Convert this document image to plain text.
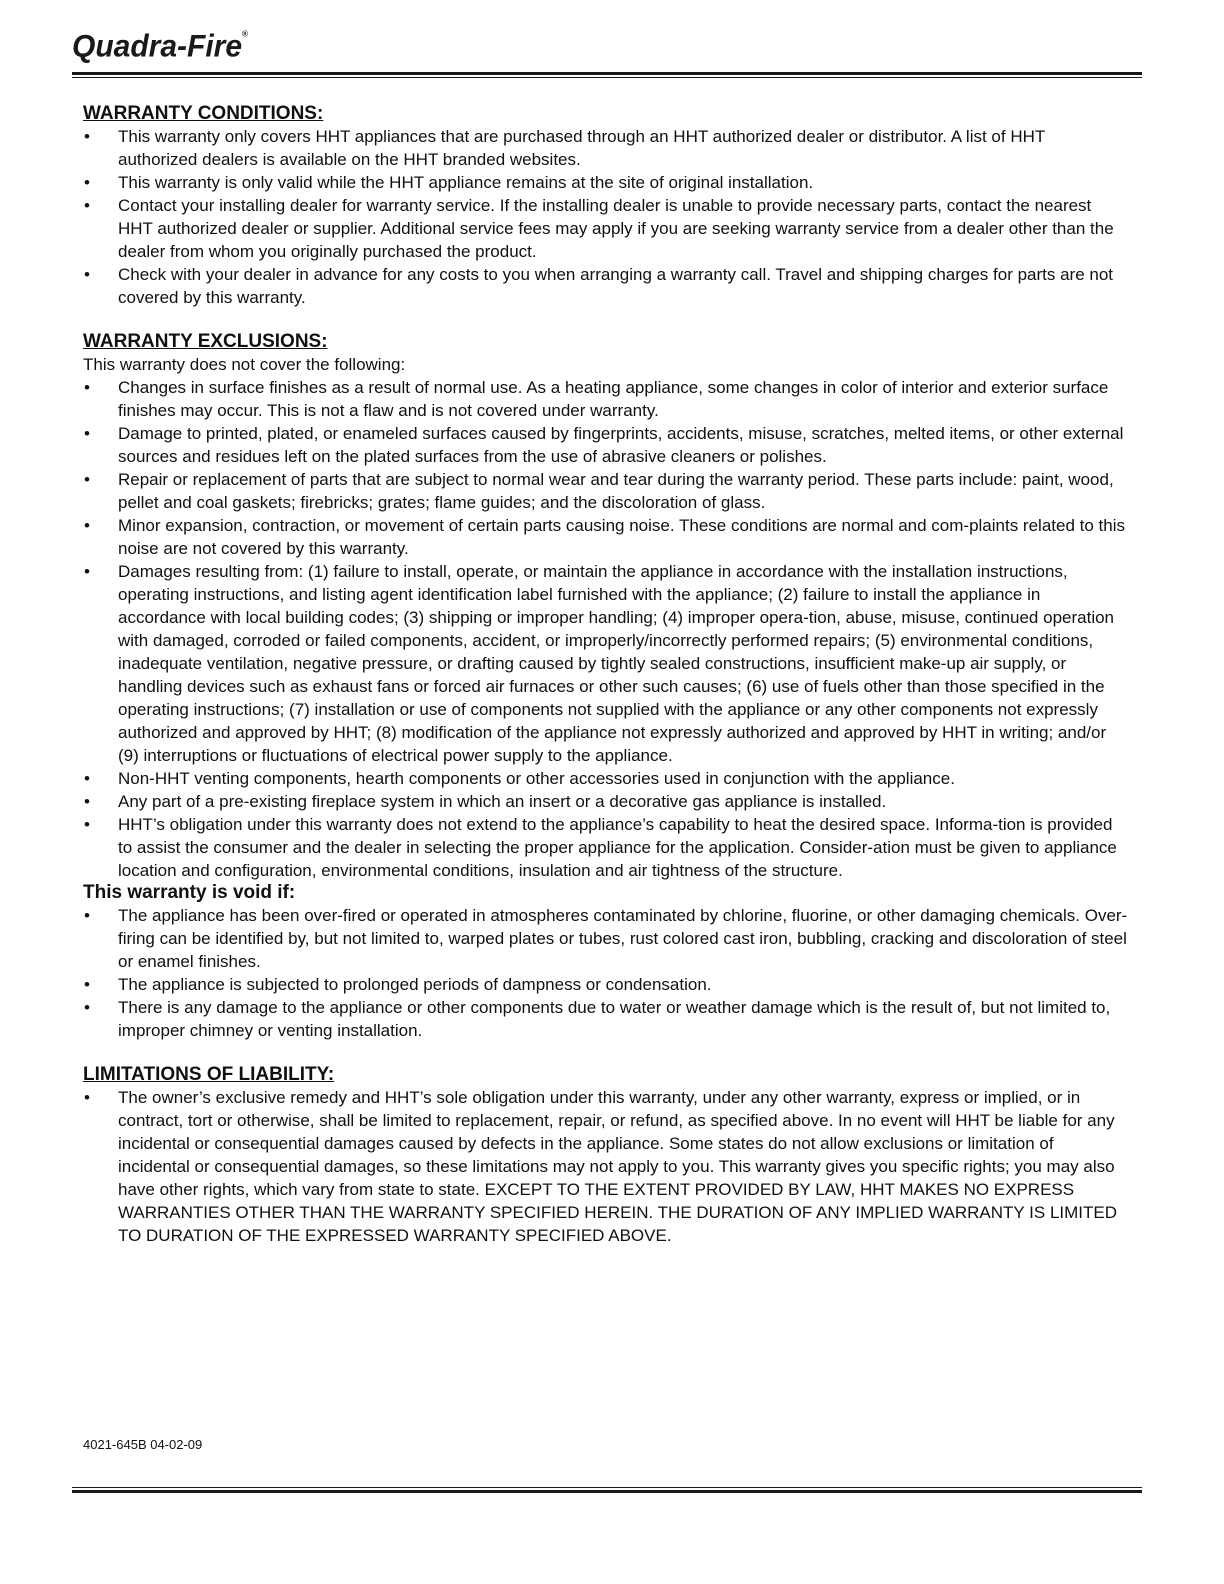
Quadra-Fire®
WARRANTY CONDITIONS:
• This warranty only covers HHT appliances that are purchased through an HHT authorized dealer or distributor. A list of HHT authorized dealers is available on the HHT branded websites.
• This warranty is only valid while the HHT appliance remains at the site of original installation.
• Contact your installing dealer for warranty service. If the installing dealer is unable to provide necessary parts, contact the nearest HHT authorized dealer or supplier. Additional service fees may apply if you are seeking warranty service from a dealer other than the dealer from whom you originally purchased the product.
• Check with your dealer in advance for any costs to you when arranging a warranty call. Travel and shipping charges for parts are not covered by this warranty.
WARRANTY EXCLUSIONS:

This warranty does not cover the following:

• Changes in surface finishes as a result of normal use. As a heating appliance, some changes in color of interior and exterior surface finishes may occur. This is not a flaw and is not covered under warranty.
• Damage to printed, plated, or enameled surfaces caused by fingerprints, accidents, misuse, scratches, melted items, or other external sources and residues left on the plated surfaces from the use of abrasive cleaners or polishes.
• Repair or replacement of parts that are subject to normal wear and tear during the warranty period. These parts include: paint, wood, pellet and coal gaskets; firebricks; grates; flame guides; and the discoloration of glass.
• Minor expansion, contraction, or movement of certain parts causing noise. These conditions are normal and com-plaints related to this noise are not covered by this warranty.
• Damages resulting from: (1) failure to install, operate, or maintain the appliance in accordance with the installation instructions, operating instructions, and listing agent identification label furnished with the appliance; (2) failure to install the appliance in accordance with local building codes; (3) shipping or improper handling; (4) improper opera-tion, abuse, misuse, continued operation with damaged, corroded or failed components, accident, or improperly/incorrectly performed repairs; (5) environmental conditions, inadequate ventilation, negative pressure, or drafting caused by tightly sealed constructions, insufficient make-up air supply, or handling devices such as exhaust fans or forced air furnaces or other such causes; (6) use of fuels other than those specified in the operating instructions; (7) installation or use of components not supplied with the appliance or any other components not expressly authorized and approved by HHT; (8) modification of the appliance not expressly authorized and approved by HHT in writing; and/or (9) interruptions or fluctuations of electrical power supply to the appliance.
• Non-HHT venting components, hearth components or other accessories used in conjunction with the appliance.
• Any part of a pre-existing fireplace system in which an insert or a decorative gas appliance is installed.
• HHT’s obligation under this warranty does not extend to the appliance’s capability to heat the desired space. Informa-tion is provided to assist the consumer and the dealer in selecting the proper appliance for the application. Consider-ation must be given to appliance location and configuration, environmental conditions, insulation and air tightness of the structure.
This warranty is void if:
• The appliance has been over-fired or operated in atmospheres contaminated by chlorine, fluorine, or other damaging chemicals. Over-firing can be identified by, but not limited to, warped plates or tubes, rust colored cast iron, bubbling, cracking and discoloration of steel or enamel finishes.
• The appliance is subjected to prolonged periods of dampness or condensation.
• There is any damage to the appliance or other components due to water or weather damage which is the result of, but not limited to, improper chimney or venting installation.
LIMITATIONS OF LIABILITY:
• The owner’s exclusive remedy and HHT’s sole obligation under this warranty, under any other warranty, express or implied, or in contract, tort or otherwise, shall be limited to replacement, repair, or refund, as specified above. In no event will HHT be liable for any incidental or consequential damages caused by defects in the appliance. Some states do not allow exclusions or limitation of incidental or consequential damages, so these limitations may not apply to you. This warranty gives you specific rights; you may also have other rights, which vary from state to state. EXCEPT TO THE EXTENT PROVIDED BY LAW, HHT MAKES NO EXPRESS WARRANTIES OTHER THAN THE WARRANTY SPECIFIED HEREIN. THE DURATION OF ANY IMPLIED WARRANTY IS LIMITED TO DURATION OF THE EXPRESSED WARRANTY SPECIFIED ABOVE.
4021-645B 04-02-09
